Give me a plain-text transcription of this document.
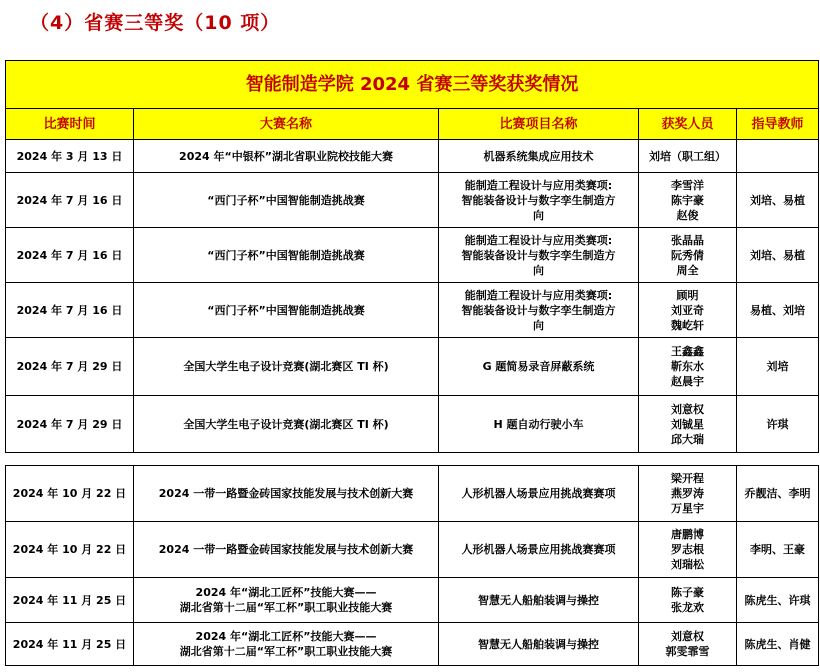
（4）省赛三等奖（10 项）
智能制造学院 2024 省赛三等奖获奖情况				
比赛时间	大赛名称	比赛项目名称	获奖人员	指导教师
2024 年 3 月 13 日	2024 年“中银杯”湖北省职业院校技能大赛	机器系统集成应用技术	刘培（职工组）	
2024 年 7 月 16 日	“西门子杯”中国智能制造挑战赛	能制造工程设计与应用类赛项:
智能装备设计与数字孪生制造方
向	李雪洋
陈宇豪
赵俊	刘培、易植
2024 年 7 月 16 日	“西门子杯”中国智能制造挑战赛	能制造工程设计与应用类赛项:
智能装备设计与数字孪生制造方
向	张晶晶
阮秀倩
周全	刘培、易植
2024 年 7 月 16 日	“西门子杯”中国智能制造挑战赛	能制造工程设计与应用类赛项:
智能装备设计与数字孪生制造方
向	顾明
刘亚奇
魏屹轩	易植、刘培
2024 年 7 月 29 日	全国大学生电子设计竞赛(湖北赛区 TI 杯)	G 题简易录音屏蔽系统	王鑫鑫
靳东水
赵晨宇	刘培
2024 年 7 月 29 日	全国大学生电子设计竞赛(湖北赛区 TI 杯)	H 题自动行驶小车	刘意权
刘铖星
邱大瑞	许琪
2024 年 10 月 22 日	2024 一带一路暨金砖国家技能发展与技术创新大赛	人形机器人场景应用挑战赛赛项	梁开程
燕罗涛
万星宇	乔靓洁、李明
2024 年 10 月 22 日	2024 一带一路暨金砖国家技能发展与技术创新大赛	人形机器人场景应用挑战赛赛项	唐鹏博
罗志根
刘瑞松	李明、王豪
2024 年 11 月 25 日	2024 年“湖北工匠杯”技能大赛——
湖北省第十二届“军工杯”职工职业技能大赛	智慧无人船舶装调与操控	陈子豪
张龙欢	陈虎生、许琪
2024 年 11 月 25 日	2024 年“湖北工匠杯”技能大赛——
湖北省第十二届“军工杯”职工职业技能大赛	智慧无人船舶装调与操控	刘意权
郭雯霏雪	陈虎生、肖健
